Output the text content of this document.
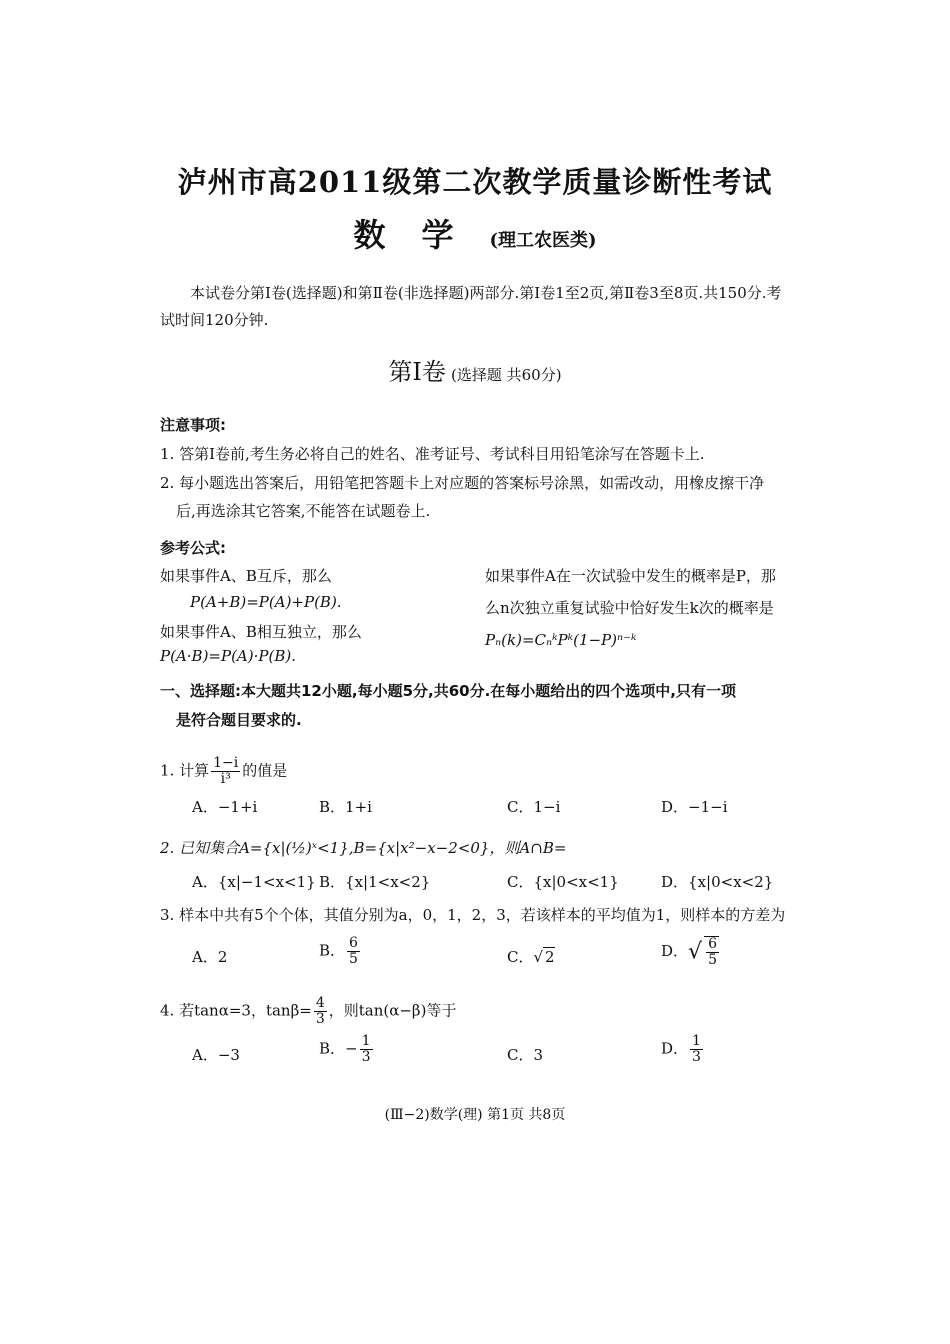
泸州市高2011级第二次教学质量诊断性考试
数学(理工农医类)
本试卷分第Ⅰ卷(选择题)和第Ⅱ卷(非选择题)两部分.第Ⅰ卷1至2页,第Ⅱ卷3至8页.共150分.考试时间120分钟.
第Ⅰ卷 (选择题 共60分)
注意事项:
1. 答第Ⅰ卷前,考生务必将自己的姓名、准考证号、考试科目用铅笔涂写在答题卡上.
2. 每小题选出答案后，用铅笔把答题卡上对应题的答案标号涂黑，如需改动，用橡皮擦干净
后,再选涂其它答案,不能答在试题卷上.
参考公式:
如果事件A、B互斥，那么
P(A+B)=P(A)+P(B).
如果事件A、B相互独立，那么
P(A·B)=P(A)·P(B).
如果事件A在一次试验中发生的概率是P，那
么n次独立重复试验中恰好发生k次的概率是
Pₙ(k)=CₙᵏPᵏ(1−P)ⁿ⁻ᵏ
一、选择题:本大题共12小题,每小题5分,共60分.在每小题给出的四个选项中,只有一项
是符合题目要求的.
1. 计算 $\frac{1-i}{\text{i³}}$ 的值是
A．−1+i	B．1+i	C．1−i	D．−1−i
2. 已知集合A={x|(½)ˣ<1},B={x|x²−x−2<0}，则A∩B=
A．{x|−1<x<1} B．{x|1<x<2}	C．{x|0<x<1}	D．{x|0<x<2}
3. 样本中共有5个个体，其值分别为a，0，1，2，3，若该样本的平均值为1，则样本的方差为
A．2	B． $\frac{6}{5}$	C．√ 2	D．√ $\frac{6}{5}$
4. 若tanα=3，$\tan\beta= \frac{4}{3}$ ，则tan(α−β)等于
A．−3	B．− $\frac{1}{3}$	C．3	D． $\frac{1}{3}$
(Ⅲ−2)数学(理) 第1页 共8页
